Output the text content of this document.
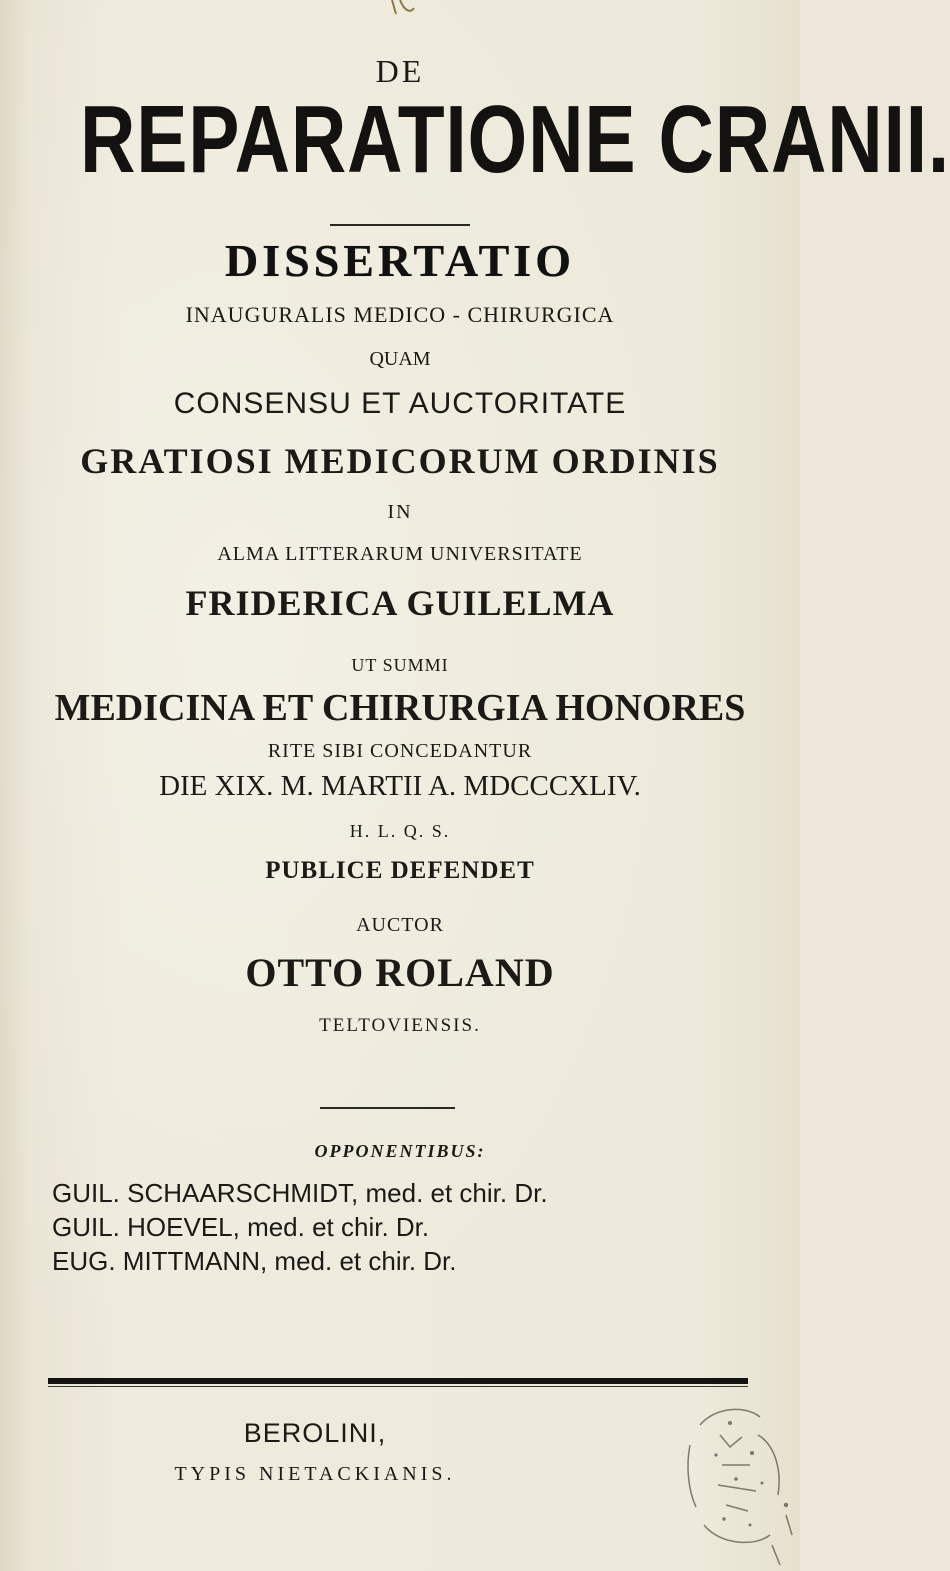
DE
REPARATIONE CRANII.
DISSERTATIO
INAUGURALIS MEDICO - CHIRURGICA
QUAM
CONSENSU ET AUCTORITATE
GRATIOSI MEDICORUM ORDINIS
IN
ALMA LITTERARUM UNIVERSITATE
FRIDERICA GUILELMA
UT SUMMI
MEDICINA ET CHIRURGIA HONORES
RITE SIBI CONCEDANTUR
DIE XIX. M. MARTII A. MDCCCXLIV.
H. L. Q. S.
PUBLICE DEFENDET
AUCTOR
OTTO ROLAND
TELTOVIENSIS.
OPPONENTIBUS:
GUIL. SCHAARSCHMIDT, med. et chir. Dr.
GUIL. HOEVEL, med. et chir. Dr.
EUG. MITTMANN, med. et chir. Dr.
BEROLINI,
TYPIS NIETACKIANIS.
